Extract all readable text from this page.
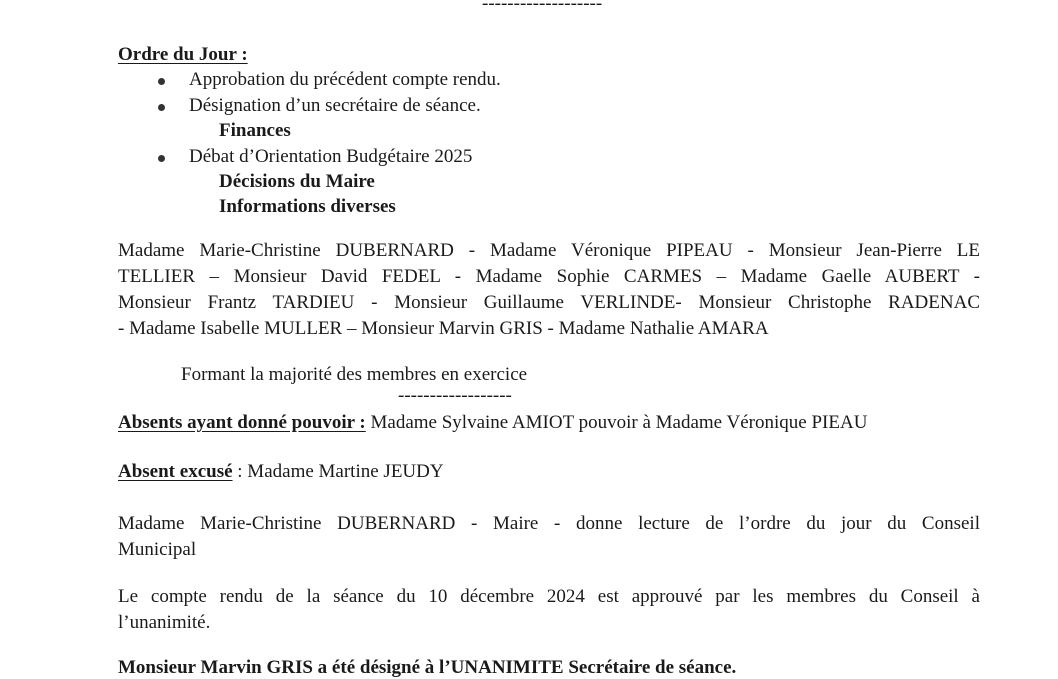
-------------------
Ordre du Jour :
Approbation du précédent compte rendu.
Désignation d’un secrétaire de séance.
Finances
Débat d’Orientation Budgétaire 2025
Décisions du Maire
Informations diverses
Madame Marie-Christine DUBERNARD - Madame Véronique PIPEAU - Monsieur Jean-Pierre LE
TELLIER – Monsieur David FEDEL - Madame Sophie CARMES – Madame Gaelle AUBERT -
Monsieur Frantz TARDIEU - Monsieur Guillaume VERLINDE- Monsieur Christophe RADENAC
- Madame Isabelle MULLER – Monsieur Marvin GRIS - Madame Nathalie AMARA
Formant la majorité des membres en exercice
------------------
Absents ayant donné pouvoir : Madame Sylvaine AMIOT pouvoir à Madame Véronique PIEAU
Absent excusé : Madame Martine JEUDY
Madame Marie-Christine DUBERNARD - Maire - donne lecture de l’ordre du jour du Conseil
Municipal
Le compte rendu de la séance du 10 décembre 2024 est approuvé par les membres du Conseil à
l’unanimité.
Monsieur Marvin GRIS a été désigné à l’UNANIMITE Secrétaire de séance.
